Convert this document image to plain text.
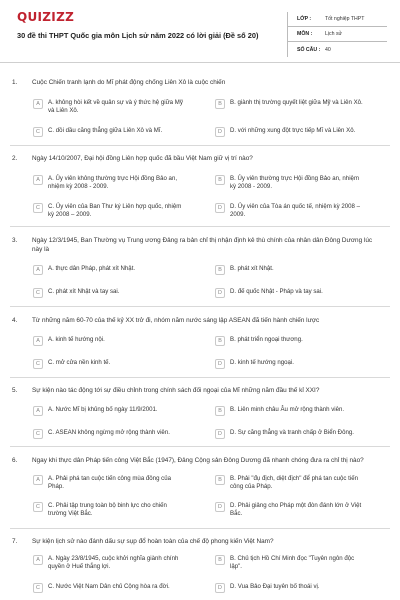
QUIZIZZ
30 đề thi THPT Quốc gia môn Lịch sử năm 2022 có lời giải (Đề số 20)
LỚP :	Tốt nghiệp THPT
MÔN :	Lịch sử
SỐ CÂU : 40
1. Cuộc Chiến tranh lạnh do Mĩ phát động chống Liên Xô là cuộc chiến
A	A. không hòi kết về quân sự và ý thức hệ giữa Mỹ và Liên Xô.
B	B. giành thị trường quyết liệt giữa Mỹ và Liên Xô.
C	C. dồi dầu căng thẳng giữa Liên Xô và Mĩ.	D	D. với những xung đột trực tiếp Mĩ và Liên Xô.
2. Ngày 14/10/2007, Đại hội đồng Liên hợp quốc đã bầu Việt Nam giữ vị trí nào?
A	A. Ủy viên không thường trực Hội đồng Bảo an, nhiệm kỳ 2008 - 2009.
B	B. Ủy viên thường trực Hội đồng Bảo an, nhiệm kỳ 2008 - 2009.
C	C. Ủy viên của Ban Thư ký Liên hợp quốc, nhiệm kỳ 2008 – 2009.
D	D. Ủy viên của Tòa án quốc tế, nhiệm kỳ 2008 – 2009.
3. Ngày 12/3/1945, Ban Thường vụ Trung ương Đảng ra bản chỉ thị nhận định kẻ thù chính của nhân dân Đông Dương lúc này là
A	A. thực dân Pháp, phát xít Nhật.	B	B. phát xít Nhật.
C	C. phát xít Nhật và tay sai.	D	D. đế quốc Nhật - Pháp và tay sai.
4. Từ những năm 60-70 của thế kỷ XX trở đi, nhóm năm nước sáng lập ASEAN đã tiến hành chiến lược
A	A. kinh tế hướng nội.	B	B. phát triển ngoại thương.
C	C. mở cửa nền kinh tế.	D	D. kinh tế hướng ngoại.
5. Sự kiện nào tác động tới sự điều chỉnh trong chính sách đối ngoại của Mĩ những năm đầu thế kỉ XXI?
A	A. Nước Mĩ bị khủng bố ngày 11/9/2001.	B	B. Liên minh châu Âu mở rộng thành viên.
C	C. ASEAN không ngừng mở rộng thành viên.	D	D. Sự căng thẳng và tranh chấp ở Biển Đông.
6. Ngay khi thực dân Pháp tiến công Việt Bắc (1947), Đảng Cộng sản Đông Dương đã nhanh chóng đưa ra chỉ thị nào?
A	A. Phải phá tan cuộc tiến công mùa đông của Pháp.
B	B. Phải "đụ địch, diệt địch" để phá tan cuộc tiến công của Pháp.
C	C. Phải tập trung toàn bộ binh lực cho chiến trường Việt Bắc.
D	D. Phải giảng cho Pháp một đòn đánh lớn ở Việt Bắc.
7. Sự kiện lịch sử nào đánh dấu sự sụp đổ hoàn toàn của chế độ phong kiến Việt Nam?
A	A. Ngày 23/8/1945, cuộc khởi nghĩa giành chính quyền ở Huế thắng lợi.
B	B. Chủ tịch Hồ Chí Minh đọc "Tuyên ngôn độc lập".
C	C. Nước Việt Nam Dân chủ Cộng hòa ra đời.	D	D. Vua Bảo Đại tuyên bố thoái vị.
